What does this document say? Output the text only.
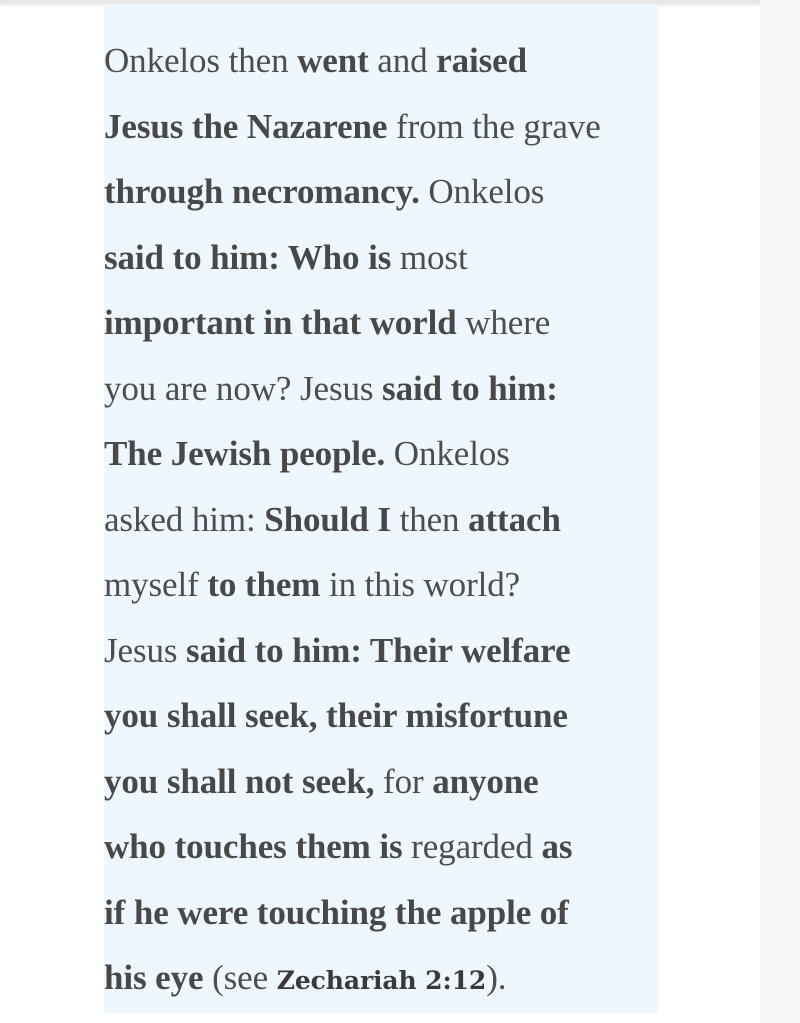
Onkelos then went and raised
Jesus the Nazarene from the grave
through necromancy. Onkelos
said to him: Who is most
important in that world where
you are now? Jesus said to him:
The Jewish people. Onkelos
asked him: Should I then attach
myself to them in this world?
Jesus said to him: Their welfare
you shall seek, their misfortune
you shall not seek, for anyone
who touches them is regarded as
if he were touching the apple of
his eye (see Zechariah 2:12).
